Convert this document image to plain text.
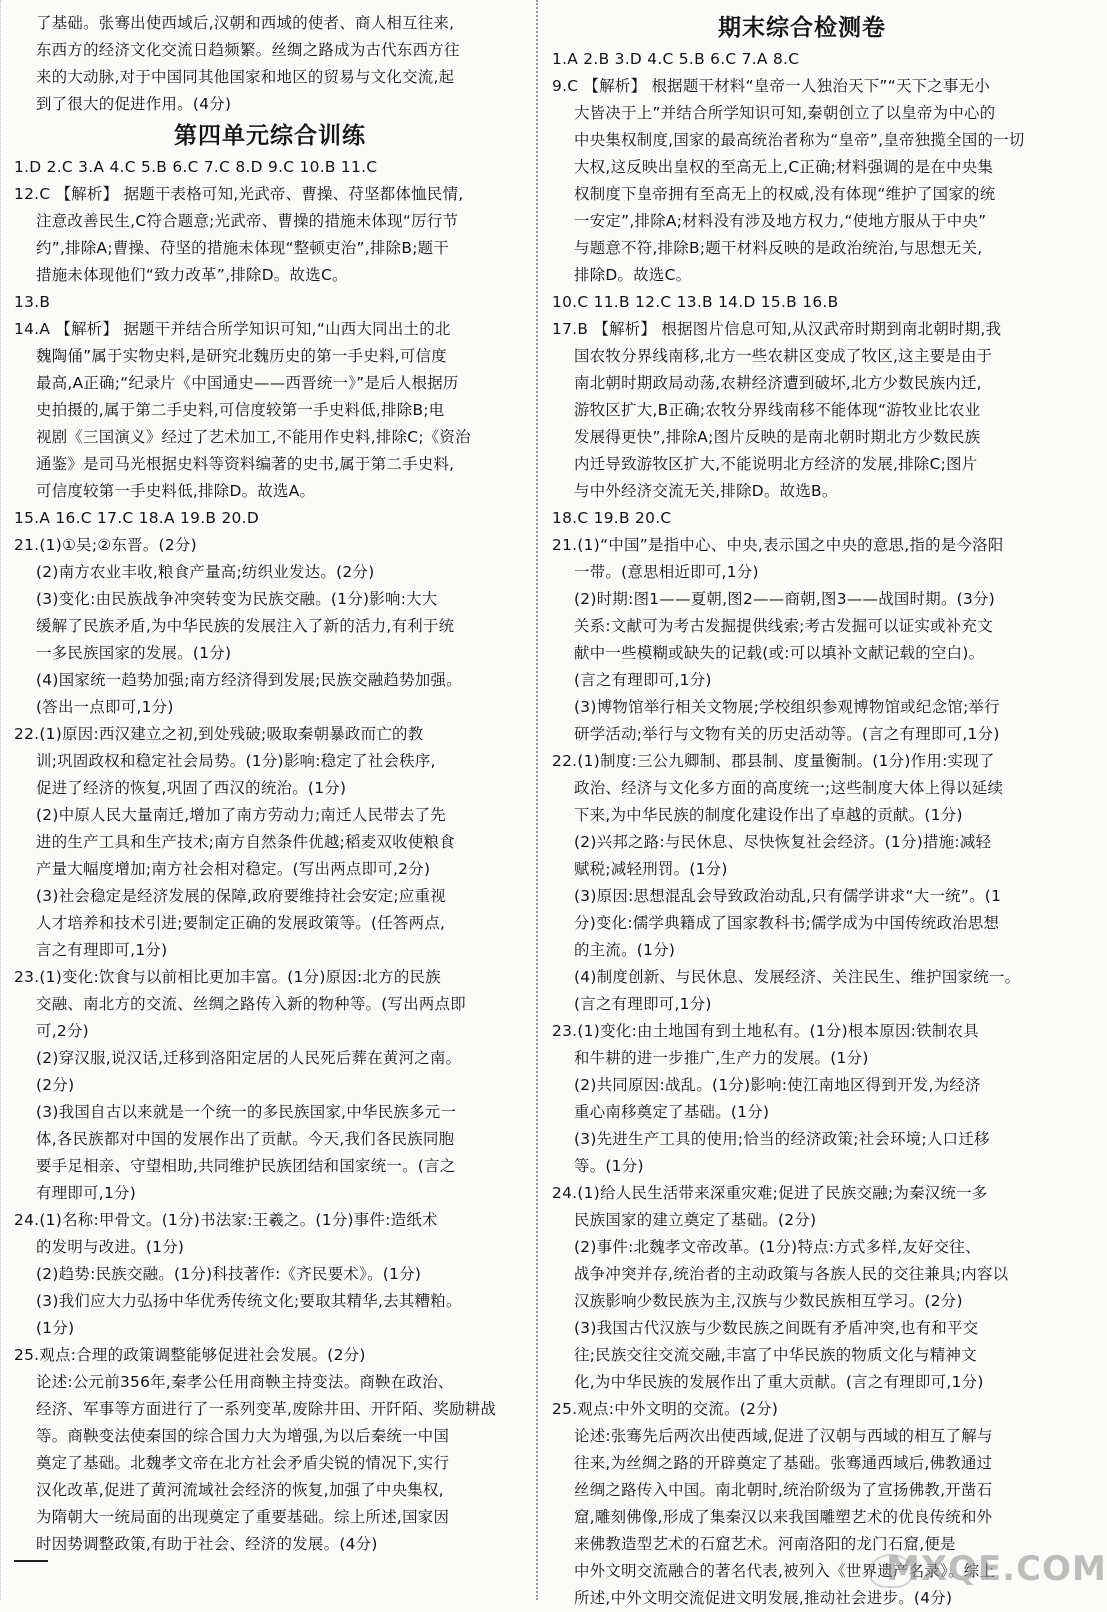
了基础。张骞出使西域后,汉朝和西域的使者、商人相互往来,
东西方的经济文化交流日趋频繁。丝绸之路成为古代东西方往
来的大动脉,对于中国同其他国家和地区的贸易与文化交流,起
到了很大的促进作用。(4分)
第四单元综合训练
1.D 2.C 3.A 4.C 5.B 6.C 7.C 8.D 9.C 10.B 11.C
12.C 【解析】 据题干表格可知,光武帝、曹操、苻坚都体恤民情,
注意改善民生,C符合题意;光武帝、曹操的措施未体现“厉行节
约”,排除A;曹操、苻坚的措施未体现“整顿吏治”,排除B;题干
措施未体现他们“致力改革”,排除D。故选C。
13.B
14.A 【解析】 据题干并结合所学知识可知,“山西大同出土的北
魏陶俑”属于实物史料,是研究北魏历史的第一手史料,可信度
最高,A正确;“纪录片《中国通史——西晋统一》”是后人根据历
史拍摄的,属于第二手史料,可信度较第一手史料低,排除B;电
视剧《三国演义》经过了艺术加工,不能用作史料,排除C;《资治
通鉴》是司马光根据史料等资料编著的史书,属于第二手史料,
可信度较第一手史料低,排除D。故选A。
15.A 16.C 17.C 18.A 19.B 20.D
21.(1)①吴;②东晋。(2分)
(2)南方农业丰收,粮食产量高;纺织业发达。(2分)
(3)变化:由民族战争冲突转变为民族交融。(1分)影响:大大
缓解了民族矛盾,为中华民族的发展注入了新的活力,有利于统
一多民族国家的发展。(1分)
(4)国家统一趋势加强;南方经济得到发展;民族交融趋势加强。
(答出一点即可,1分)
22.(1)原因:西汉建立之初,到处残破;吸取秦朝暴政而亡的教
训;巩固政权和稳定社会局势。(1分)影响:稳定了社会秩序,
促进了经济的恢复,巩固了西汉的统治。(1分)
(2)中原人民大量南迁,增加了南方劳动力;南迁人民带去了先
进的生产工具和生产技术;南方自然条件优越;稻麦双收使粮食
产量大幅度增加;南方社会相对稳定。(写出两点即可,2分)
(3)社会稳定是经济发展的保障,政府要维持社会安定;应重视
人才培养和技术引进;要制定正确的发展政策等。(任答两点,
言之有理即可,1分)
23.(1)变化:饮食与以前相比更加丰富。(1分)原因:北方的民族
交融、南北方的交流、丝绸之路传入新的物种等。(写出两点即
可,2分)
(2)穿汉服,说汉话,迁移到洛阳定居的人民死后葬在黄河之南。
(2分)
(3)我国自古以来就是一个统一的多民族国家,中华民族多元一
体,各民族都对中国的发展作出了贡献。今天,我们各民族同胞
要手足相亲、守望相助,共同维护民族团结和国家统一。(言之
有理即可,1分)
24.(1)名称:甲骨文。(1分)书法家:王羲之。(1分)事件:造纸术
的发明与改进。(1分)
(2)趋势:民族交融。(1分)科技著作:《齐民要术》。(1分)
(3)我们应大力弘扬中华优秀传统文化;要取其精华,去其糟粕。
(1分)
25.观点:合理的政策调整能够促进社会发展。(2分)
论述:公元前356年,秦孝公任用商鞅主持变法。商鞅在政治、
经济、军事等方面进行了一系列变革,废除井田、开阡陌、奖励耕战
等。商鞅变法使秦国的综合国力大为增强,为以后秦统一中国
奠定了基础。北魏孝文帝在北方社会矛盾尖锐的情况下,实行
汉化改革,促进了黄河流域社会经济的恢复,加强了中央集权,
为隋朝大一统局面的出现奠定了重要基础。综上所述,国家因
时因势调整政策,有助于社会、经济的发展。(4分)
期末综合检测卷
1.A 2.B 3.D 4.C 5.B 6.C 7.A 8.C
9.C 【解析】 根据题干材料“皇帝一人独治天下”“天下之事无小
大皆决于上”并结合所学知识可知,秦朝创立了以皇帝为中心的
中央集权制度,国家的最高统治者称为“皇帝”,皇帝独揽全国的一切
大权,这反映出皇权的至高无上,C正确;材料强调的是在中央集
权制度下皇帝拥有至高无上的权威,没有体现“维护了国家的统
一安定”,排除A;材料没有涉及地方权力,“使地方服从于中央”
与题意不符,排除B;题干材料反映的是政治统治,与思想无关,
排除D。故选C。
10.C 11.B 12.C 13.B 14.D 15.B 16.B
17.B 【解析】 根据图片信息可知,从汉武帝时期到南北朝时期,我
国农牧分界线南移,北方一些农耕区变成了牧区,这主要是由于
南北朝时期政局动荡,农耕经济遭到破坏,北方少数民族内迁,
游牧区扩大,B正确;农牧分界线南移不能体现“游牧业比农业
发展得更快”,排除A;图片反映的是南北朝时期北方少数民族
内迁导致游牧区扩大,不能说明北方经济的发展,排除C;图片
与中外经济交流无关,排除D。故选B。
18.C 19.B 20.C
21.(1)“中国”是指中心、中央,表示国之中央的意思,指的是今洛阳
一带。(意思相近即可,1分)
(2)时期:图1——夏朝,图2——商朝,图3——战国时期。(3分)
关系:文献可为考古发掘提供线索;考古发掘可以证实或补充文
献中一些模糊或缺失的记载(或:可以填补文献记载的空白)。
(言之有理即可,1分)
(3)博物馆举行相关文物展;学校组织参观博物馆或纪念馆;举行
研学活动;举行与文物有关的历史活动等。(言之有理即可,1分)
22.(1)制度:三公九卿制、郡县制、度量衡制。(1分)作用:实现了
政治、经济与文化多方面的高度统一;这些制度大体上得以延续
下来,为中华民族的制度化建设作出了卓越的贡献。(1分)
(2)兴邦之路:与民休息、尽快恢复社会经济。(1分)措施:减轻
赋税;减轻刑罚。(1分)
(3)原因:思想混乱会导致政治动乱,只有儒学讲求“大一统”。(1
分)变化:儒学典籍成了国家教科书;儒学成为中国传统政治思想
的主流。(1分)
(4)制度创新、与民休息、发展经济、关注民生、维护国家统一。
(言之有理即可,1分)
23.(1)变化:由土地国有到土地私有。(1分)根本原因:铁制农具
和牛耕的进一步推广,生产力的发展。(1分)
(2)共同原因:战乱。(1分)影响:使江南地区得到开发,为经济
重心南移奠定了基础。(1分)
(3)先进生产工具的使用;恰当的经济政策;社会环境;人口迁移
等。(1分)
24.(1)给人民生活带来深重灾难;促进了民族交融;为秦汉统一多
民族国家的建立奠定了基础。(2分)
(2)事件:北魏孝文帝改革。(1分)特点:方式多样,友好交往、
战争冲突并存,统治者的主动政策与各族人民的交往兼具;内容以
汉族影响少数民族为主,汉族与少数民族相互学习。(2分)
(3)我国古代汉族与少数民族之间既有矛盾冲突,也有和平交
往;民族交往交流交融,丰富了中华民族的物质文化与精神文
化,为中华民族的发展作出了重大贡献。(言之有理即可,1分)
25.观点:中外文明的交流。(2分)
论述:张骞先后两次出使西域,促进了汉朝与西域的相互了解与
往来,为丝绸之路的开辟奠定了基础。张骞通西域后,佛教通过
丝绸之路传入中国。南北朝时,统治阶级为了宣扬佛教,开凿石
窟,雕刻佛像,形成了集秦汉以来我国雕塑艺术的优良传统和外
来佛教造型艺术的石窟艺术。河南洛阳的龙门石窟,便是
中外文明交流融合的著名代表,被列入《世界遗产名录》。综上
所述,中外文明交流促进文明发展,推动社会进步。(4分)
MXQE.COM
